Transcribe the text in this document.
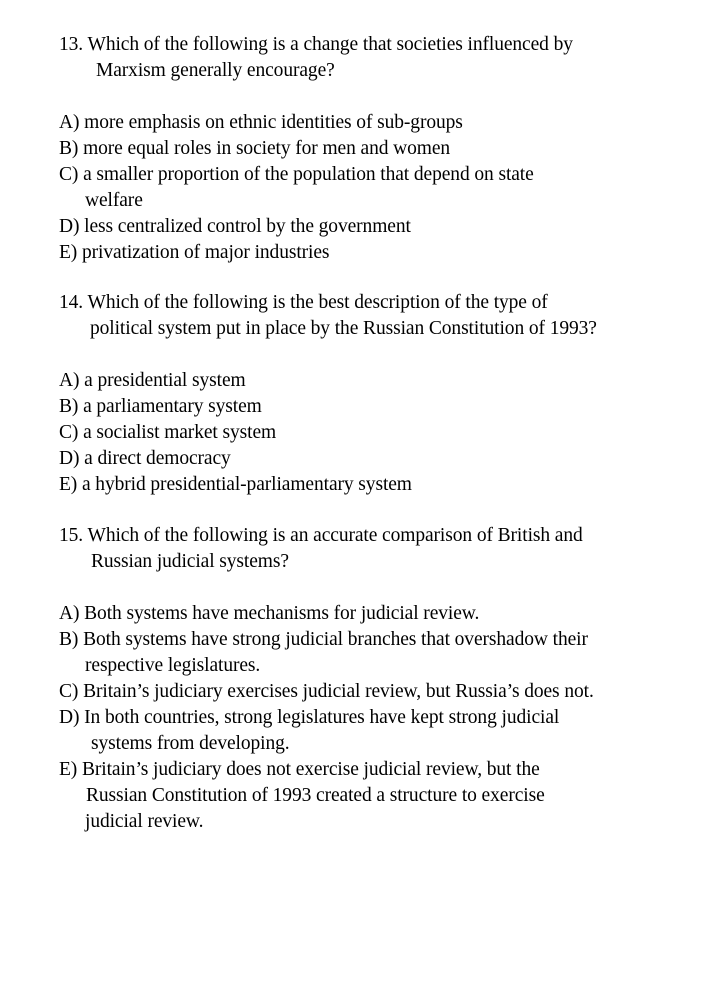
13. Which of the following is a change that societies influenced by
Marxism generally encourage?

A) more emphasis on ethnic identities of sub-groups
B) more equal roles in society for men and women
C) a smaller proportion of the population that depend on state
welfare
D) less centralized control by the government
E) privatization of major industries

14. Which of the following is the best description of the type of
political system put in place by the Russian Constitution of 1993?

A) a presidential system
B) a parliamentary system
C) a socialist market system
D) a direct democracy
E) a hybrid presidential-parliamentary system

15. Which of the following is an accurate comparison of British and
Russian judicial systems?

A) Both systems have mechanisms for judicial review.
B) Both systems have strong judicial branches that overshadow their
respective legislatures.
C) Britain’s judiciary exercises judicial review, but Russia’s does not.
D) In both countries, strong legislatures have kept strong judicial
systems from developing.
E) Britain’s judiciary does not exercise judicial review, but the
Russian Constitution of 1993 created a structure to exercise
judicial review.
